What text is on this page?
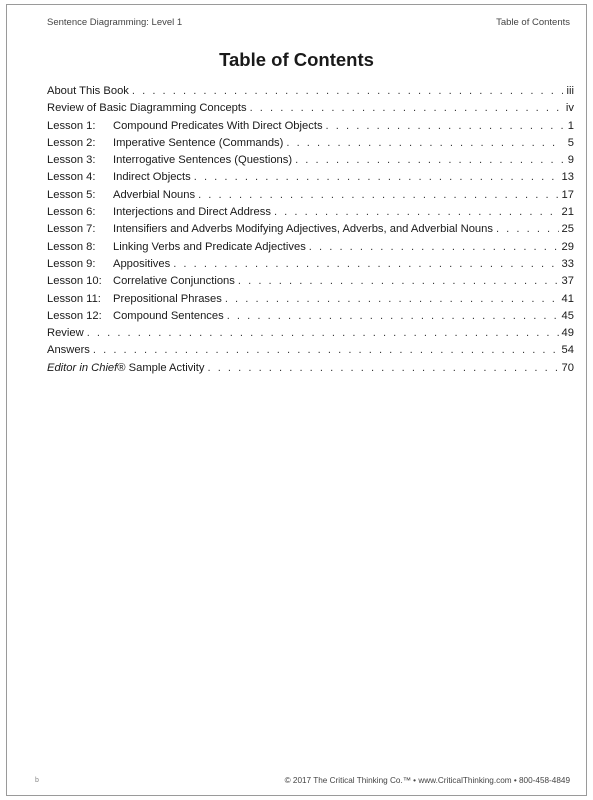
Sentence Diagramming: Level 1	Table of Contents
Table of Contents
About This Book . . .	iii
Review of Basic Diagramming Concepts . . .	iv
Lesson 1:	Compound Predicates With Direct Objects . . .	1
Lesson 2:	Imperative Sentence (Commands) . . .	5
Lesson 3:	Interrogative Sentences (Questions) . . .	9
Lesson 4:	Indirect Objects . . .	13
Lesson 5:	Adverbial Nouns . . .	17
Lesson 6:	Interjections and Direct Address . . .	21
Lesson 7:	Intensifiers and Adverbs Modifying Adjectives, Adverbs, and Adverbial Nouns . . .	25
Lesson 8:	Linking Verbs and Predicate Adjectives . . .	29
Lesson 9:	Appositives . . .	33
Lesson 10:	Correlative Conjunctions . . .	37
Lesson 11:	Prepositional Phrases . . .	41
Lesson 12:	Compound Sentences . . .	45
Review . . .	49
Answers . . .	54
Editor in Chief® Sample Activity . . .	70
b	© 2017 The Critical Thinking Co.™ • www.CriticalThinking.com • 800-458-4849
